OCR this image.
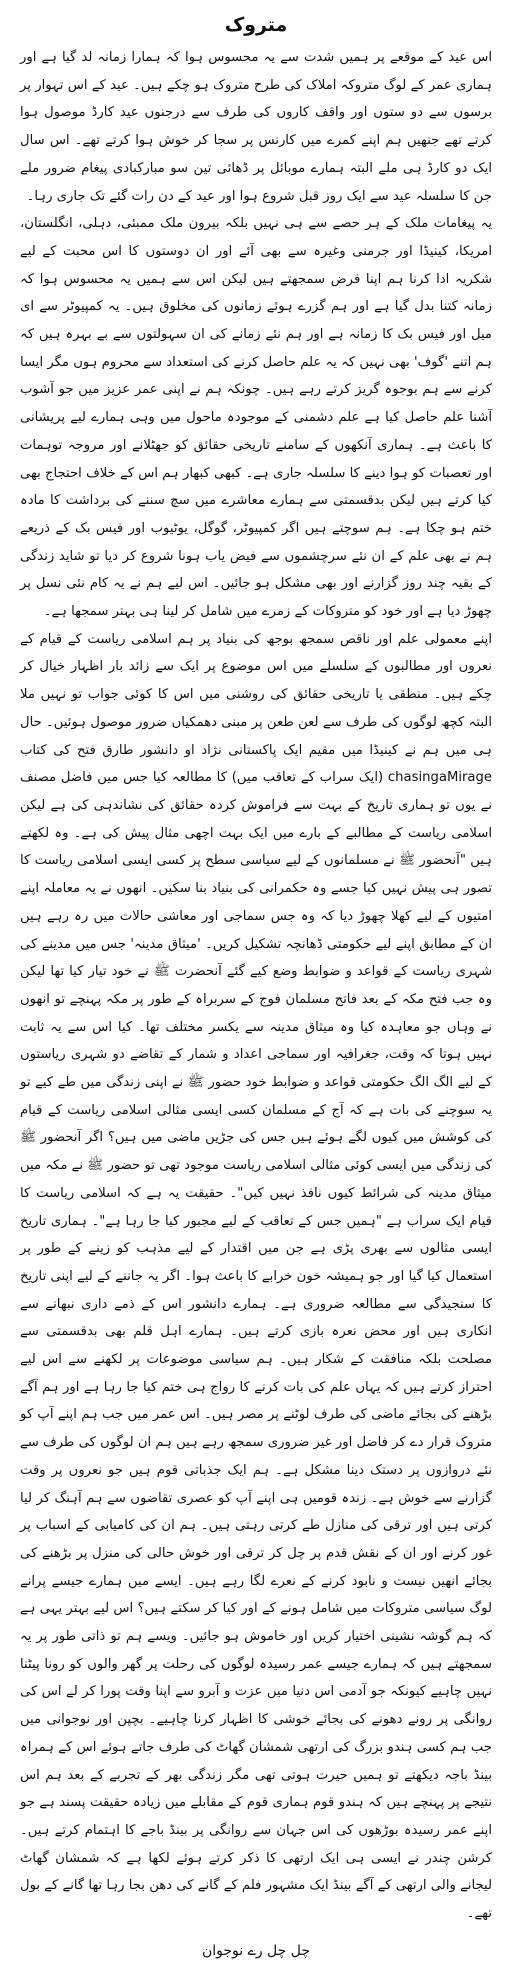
متروک

اس عید کے موقعے پر ہمیں شدت سے یہ محسوس ہوا کہ ہمارا زمانہ لد گیا ہے اور ہماری عمر کے لوگ متروکہ املاک کی طرح متروک ہو چکے ہیں۔ عید کے اس تہوار پر برسوں سے دو ستوں اور واقف کاروں کی طرف سے درجنوں عید کارڈ موصول ہوا کرتے تھے جنھیں ہم اپنے کمرے میں کارنس پر سجا کر خوش ہوا کرتے تھے۔ اس سال ایک دو کارڈ ہی ملے البتہ ہمارے موبائل پر ڈھائی تین سو مبارکبادی پیغام ضرور ملے جن کا سلسلہ عید سے ایک روز قبل شروع ہوا اور عید کے دن رات گئے تک جاری رہا۔

یہ پیغامات ملک کے ہر حصے سے ہی نہیں بلکہ بیرون ملک ممبئی، دہلی، انگلستان، امریکا، کینیڈا اور جرمنی وغیرہ سے بھی آئے اور ان دوستوں کا اس محبت کے لیے شکریہ ادا کرنا ہم اپنا فرض سمجھتے ہیں لیکن اس سے ہمیں یہ محسوس ہوا کہ زمانہ کتنا بدل گیا ہے اور ہم گزرے ہوئے زمانوں کی مخلوق ہیں۔ یہ کمپیوٹر سے ای میل اور فیس بک کا زمانہ ہے اور ہم نئے زمانے کی ان سہولتوں سے بے بہرہ ہیں کہ ہم اتنے 'گوف' بھی نہیں کہ یہ علم حاصل کرنے کی استعداد سے محروم ہوں مگر ایسا کرنے سے ہم بوجوہ گریز کرتے رہے ہیں۔ چونکہ ہم نے اپنی عمر عزیز میں جو آشوب آشنا علم حاصل کیا ہے علم دشمنی کے موجودہ ماحول میں وہی ہمارے لیے پریشانی کا باعث ہے۔ ہماری آنکھوں کے سامنے تاریخی حقائق کو جھٹلانے اور مروجہ توہمات اور تعصبات کو ہوا دینے کا سلسلہ جاری ہے۔ کبھی کبھار ہم اس کے خلاف احتجاج بھی کیا کرتے ہیں لیکن بدقسمتی سے ہمارے معاشرے میں سچ سننے کی برداشت کا مادہ ختم ہو چکا ہے۔ ہم سوچتے ہیں اگر کمپیوٹر، گوگل، یوٹیوب اور فیس بک کے ذریعے ہم نے بھی علم کے ان نئے سرچشموں سے فیض یاب ہونا شروع کر دیا تو شاید زندگی کے بقیہ چند روز گزارنے اور بھی مشکل ہو جائیں۔ اس لیے ہم نے یہ کام نئی نسل پر چھوڑ دیا ہے اور خود کو متروکات کے زمرے میں شامل کر لینا ہی بہتر سمجھا ہے۔

اپنے معمولی علم اور ناقص سمجھ بوجھ کی بنیاد پر ہم اسلامی ریاست کے قیام کے نعروں اور مطالبوں کے سلسلے میں اس موضوع پر ایک سے زائد بار اظہار خیال کر چکے ہیں۔ منطقی یا تاریخی حقائق کی روشنی میں اس کا کوئی جواب تو نہیں ملا البتہ کچھ لوگوں کی طرف سے لعن طعن پر مبنی دھمکیاں ضرور موصول ہوئیں۔ حال ہی میں ہم نے کینیڈا میں مقیم ایک پاکستانی نژاد او دانشور طارق فتح کی کتاب chasingaMirage (ایک سراب کے تعاقب میں) کا مطالعہ کیا جس میں فاضل مصنف نے یوں تو ہماری تاریخ کے بہت سے فراموش کردہ حقائق کی نشاندہی کی ہے لیکن اسلامی ریاست کے مطالبے کے بارے میں ایک بہت اچھی مثال پیش کی ہے۔ وہ لکھتے ہیں "آنحضور ﷺ نے مسلمانوں کے لیے سیاسی سطح پر کسی ایسی اسلامی ریاست کا تصور ہی پیش نہیں کیا جسے وہ حکمرانی کی بنیاد بنا سکیں۔ انھوں نے یہ معاملہ اپنے امتیوں کے لیے کھلا چھوڑ دیا کہ وہ جس سماجی اور معاشی حالات میں رہ رہے ہیں ان کے مطابق اپنے لیے حکومتی ڈھانچہ تشکیل کریں۔ 'میثاق مدینہ' جس میں مدینے کی شہری ریاست کے قواعد و ضوابط وضع کیے گئے آنحضرت ﷺ نے خود تیار کیا تھا لیکن وہ جب فتح مکہ کے بعد فاتح مسلمان فوج کے سربراہ کے طور پر مکہ پہنچے تو انھوں نے وہاں جو معاہدہ کیا وہ میثاق مدینہ سے یکسر مختلف تھا۔ کیا اس سے یہ ثابت نہیں ہوتا کہ وقت، جغرافیہ اور سماجی اعداد و شمار کے تقاضے دو شہری ریاستوں کے لیے الگ الگ حکومتی قواعد و ضوابط خود حضور ﷺ نے اپنی زندگی میں طے کیے تو یہ سوچنے کی بات ہے کہ آج کے مسلمان کسی ایسی مثالی اسلامی ریاست کے قیام کی کوشش میں کیوں لگے ہوئے ہیں جس کی جڑیں ماضی میں ہیں؟ اگر آنحضور ﷺ کی زندگی میں ایسی کوئی مثالی اسلامی ریاست موجود تھی تو حضور ﷺ نے مکہ میں میثاق مدینہ کی شرائط کیوں نافذ نہیں کیں"۔ حقیقت یہ ہے کہ اسلامی ریاست کا قیام ایک سراب ہے "ہمیں جس کے تعاقب کے لیے مجبور کیا جا رہا ہے"۔ ہماری تاریخ ایسی مثالوں سے بھری پڑی ہے جن میں اقتدار کے لیے مذہب کو زینے کے طور پر استعمال کیا گیا اور جو ہمیشہ خون خرابے کا باعث ہوا۔ اگر یہ جاننے کے لیے اپنی تاریخ کا سنجیدگی سے مطالعہ ضروری ہے۔ ہمارے دانشور اس کے ذمے داری نبھانے سے انکاری ہیں اور محض نعرہ بازی کرتے ہیں۔ ہمارے اہل قلم بھی بدقسمتی سے مصلحت بلکہ منافقت کے شکار ہیں۔ ہم سیاسی موضوعات پر لکھنے سے اس لیے احتراز کرتے ہیں کہ یہاں علم کی بات کرنے کا رواج ہی ختم کیا جا رہا ہے اور ہم آگے بڑھنے کی بجائے ماضی کی طرف لوٹنے پر مصر ہیں۔ اس عمر میں جب ہم اپنے آپ کو متروک قرار دے کر فاضل اور غیر ضروری سمجھ رہے ہیں ہم ان لوگوں کی طرف سے نئے دروازوں پر دستک دینا مشکل ہے۔ ہم ایک جذباتی قوم ہیں جو نعروں پر وقت گزارنے سے خوش ہے۔ زندہ قومیں ہی اپنے آپ کو عصری تقاضوں سے ہم آہنگ کر لیا کرتی ہیں اور ترقی کی منازل طے کرتی رہتی ہیں۔ ہم ان کی کامیابی کے اسباب پر غور کرنے اور ان کے نقش قدم پر چل کر ترقی اور خوش حالی کی منزل پر بڑھنے کی بجائے انھیں نیست و نابود کرنے کے نعرے لگا رہے ہیں۔ ایسے میں ہمارے جیسے پرانے لوگ سیاسی متروکات میں شامل ہونے کے اور کیا کر سکتے ہیں؟ اس لیے بہتر یہی ہے کہ ہم گوشہ نشینی اختیار کریں اور خاموش ہو جائیں۔ ویسے ہم تو ذاتی طور پر یہ سمجھتے ہیں کہ ہمارے جیسے عمر رسیدہ لوگوں کی رحلت پر گھر والوں کو رونا پیٹنا نہیں چاہیے کیونکہ جو آدمی اس دنیا میں عزت و آبرو سے اپنا وقت پورا کر لے اس کی روانگی پر رونے دھونے کی بجائے خوشی کا اظہار کرنا چاہیے۔ بچپن اور نوجوانی میں جب ہم کسی ہندو بزرگ کی ارتھی شمشان گھاٹ کی طرف جاتے ہوئے اس کے ہمراہ بینڈ باجہ دیکھتے تو ہمیں حیرت ہوتی تھی مگر زندگی بھر کے تجربے کے بعد ہم اس نتیجے پر پہنچے ہیں کہ ہندو قوم ہماری قوم کے مقابلے میں زیادہ حقیقت پسند ہے جو اپنے عمر رسیدہ بوڑھوں کی اس جہان سے روانگی پر بینڈ باجے کا اہتمام کرتے ہیں۔ کرشن چندر نے ایسی ہی ایک ارتھی کا ذکر کرتے ہوئے لکھا ہے کہ شمشان گھاٹ لیجانے والی ارتھی کے آگے بینڈ ایک مشہور فلم کے گانے کی دھن بجا رہا تھا گانے کے بول تھے۔

چل چل رے نوجوان
